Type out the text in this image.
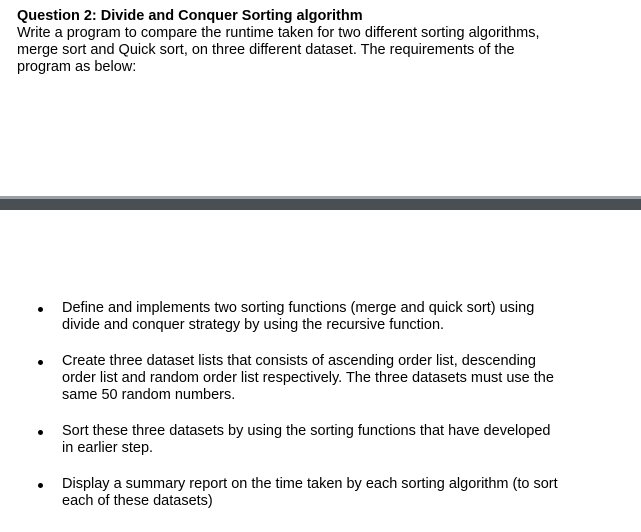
Question 2: Divide and Conquer Sorting algorithm
Write a program to compare the runtime taken for two different sorting algorithms,
merge sort and Quick sort, on three different dataset. The requirements of the
program as below:
Define and implements two sorting functions (merge and quick sort) using
divide and conquer strategy by using the recursive function.
Create three dataset lists that consists of ascending order list, descending
order list and random order list respectively. The three datasets must use the
same 50 random numbers.
Sort these three datasets by using the sorting functions that have developed
in earlier step.
Display a summary report on the time taken by each sorting algorithm (to sort
each of these datasets)
